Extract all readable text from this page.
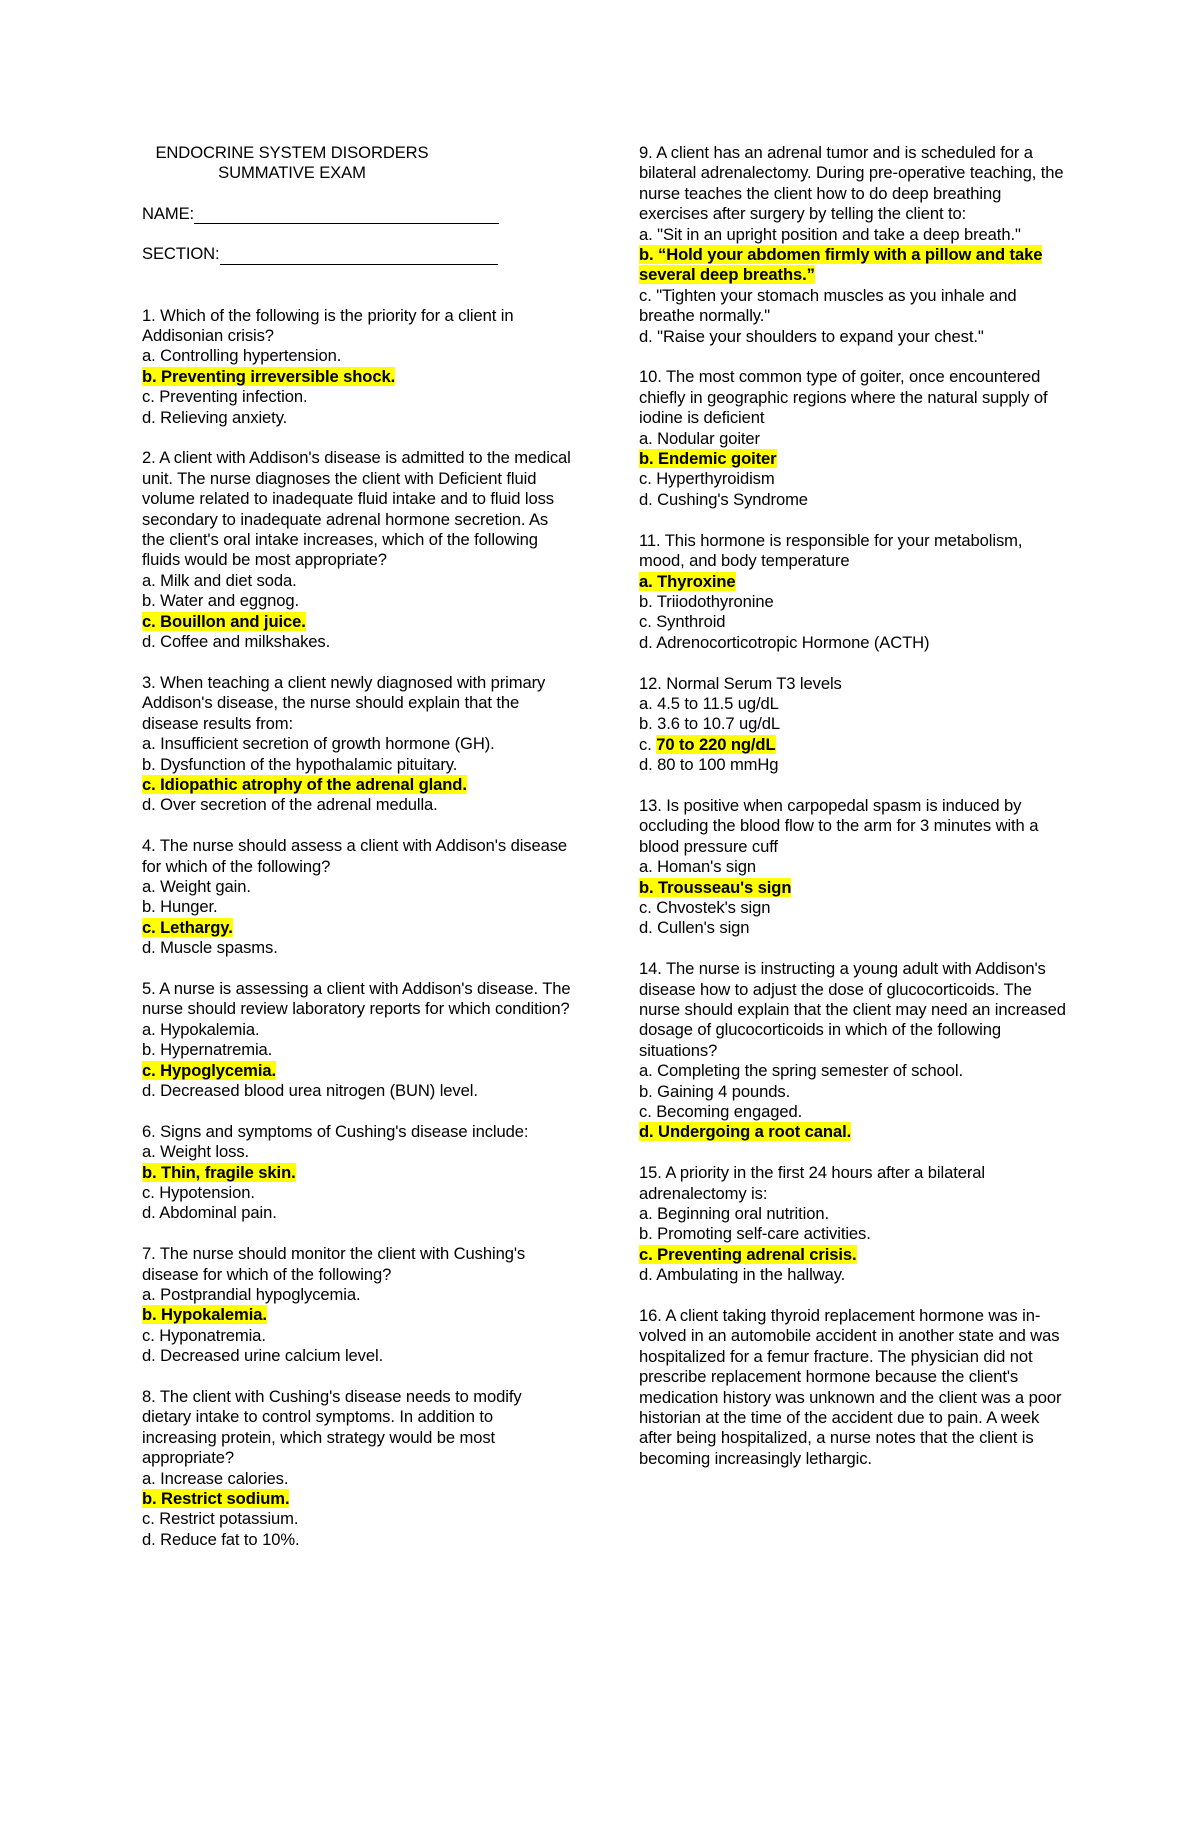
ENDOCRINE SYSTEM DISORDERS
SUMMATIVE EXAM
NAME:
SECTION:
1. Which of the following is the priority for a client in Addisonian crisis?
a. Controlling hypertension.
b. Preventing irreversible shock.
c. Preventing infection.
d. Relieving anxiety.
2. A client with Addison's disease is admitted to the medical unit. The nurse diagnoses the client with Deficient fluid volume related to inadequate fluid intake and to fluid loss secondary to inadequate adrenal hormone secretion. As the client's oral intake increases, which of the following fluids would be most appropriate?
a. Milk and diet soda.
b. Water and eggnog.
c. Bouillon and juice.
d. Coffee and milkshakes.
3. When teaching a client newly diagnosed with primary Addison's disease, the nurse should explain that the disease results from:
a. Insufficient secretion of growth hormone (GH).
b. Dysfunction of the hypothalamic pituitary.
c. Idiopathic atrophy of the adrenal gland.
d. Over secretion of the adrenal medulla.
4. The nurse should assess a client with Addison's disease for which of the following?
a. Weight gain.
b. Hunger.
c. Lethargy.
d. Muscle spasms.
5. A nurse is assessing a client with Addison's disease. The nurse should review laboratory reports for which condition?
a. Hypokalemia.
b. Hypernatremia.
c. Hypoglycemia.
d. Decreased blood urea nitrogen (BUN) level.
6. Signs and symptoms of Cushing's disease include:
a. Weight loss.
b. Thin, fragile skin.
c. Hypotension.
d. Abdominal pain.
7. The nurse should monitor the client with Cushing's disease for which of the following?
a. Postprandial hypoglycemia.
b. Hypokalemia.
c. Hyponatremia.
d. Decreased urine calcium level.
8. The client with Cushing's disease needs to modify dietary intake to control symptoms. In addition to increasing protein, which strategy would be most appropriate?
a. Increase calories.
b. Restrict sodium.
c. Restrict potassium.
d. Reduce fat to 10%.
9. A client has an adrenal tumor and is scheduled for a bilateral adrenalectomy. During pre-operative teaching, the nurse teaches the client how to do deep breathing exercises after surgery by telling the client to:
a. "Sit in an upright position and take a deep breath."
b. “Hold your abdomen firmly with a pillow and take several deep breaths.”
c. "Tighten your stomach muscles as you inhale and breathe normally."
d. "Raise your shoulders to expand your chest."
10. The most common type of goiter, once encountered chiefly in geographic regions where the natural supply of iodine is deficient
a. Nodular goiter
b. Endemic goiter
c. Hyperthyroidism
d. Cushing's Syndrome
11. This hormone is responsible for your metabolism, mood, and body temperature
a. Thyroxine
b. Triiodothyronine
c. Synthroid
d. Adrenocorticotropic Hormone (ACTH)
12. Normal Serum T3 levels
a. 4.5 to 11.5 ug/dL
b. 3.6 to 10.7 ug/dL
c. 70 to 220 ng/dL
d. 80 to 100 mmHg
13. Is positive when carpopedal spasm is induced by occluding the blood flow to the arm for 3 minutes with a blood pressure cuff
a. Homan's sign
b. Trousseau's sign
c. Chvostek's sign
d. Cullen's sign
14. The nurse is instructing a young adult with Addison's disease how to adjust the dose of glucocorticoids. The nurse should explain that the client may need an increased dosage of glucocorticoids in which of the following situations?
a. Completing the spring semester of school.
b. Gaining 4 pounds.
c. Becoming engaged.
d. Undergoing a root canal.
15. A priority in the first 24 hours after a bilateral adrenalectomy is:
a. Beginning oral nutrition.
b. Promoting self-care activities.
c. Preventing adrenal crisis.
d. Ambulating in the hallway.
16. A client taking thyroid replacement hormone was in- volved in an automobile accident in another state and was hospitalized for a femur fracture. The physician did not prescribe replacement hormone because the client's medication history was unknown and the client was a poor historian at the time of the accident due to pain. A week after being hospitalized, a nurse notes that the client is becoming increasingly lethargic.
